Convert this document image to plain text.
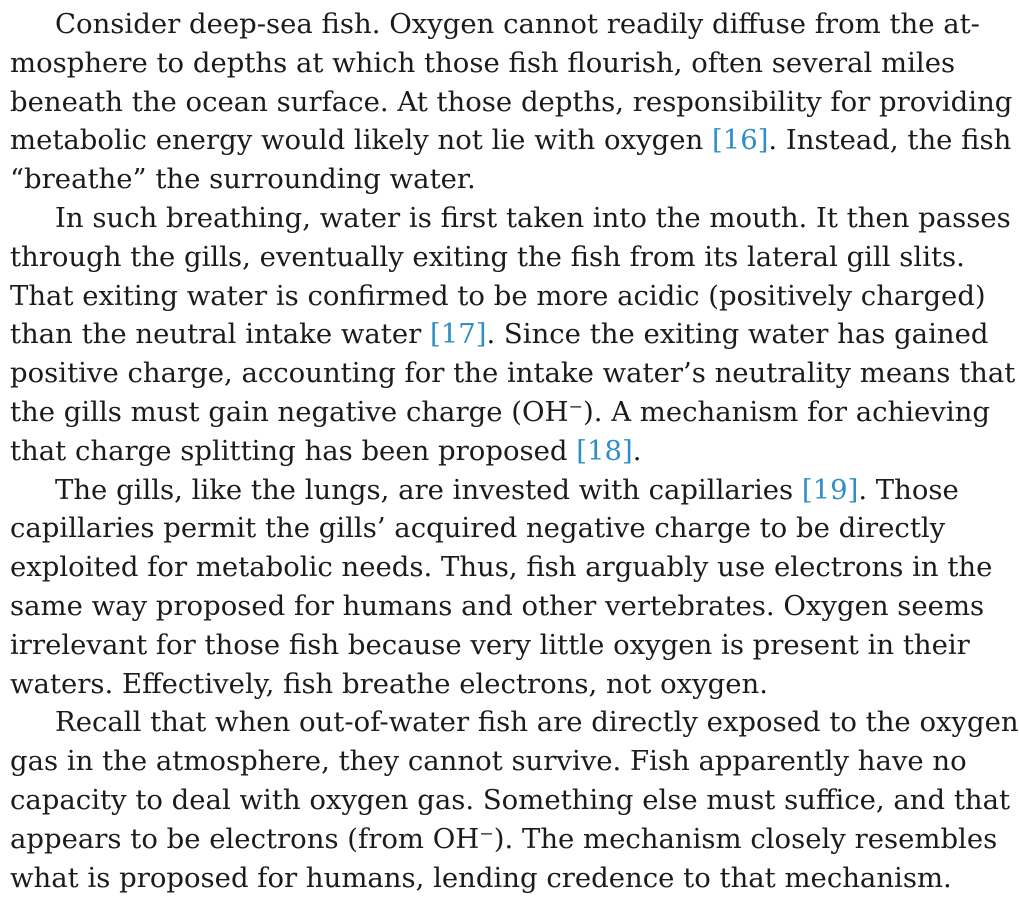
Consider deep-sea fish. Oxygen cannot readily diffuse from the at-
mosphere to depths at which those fish flourish, often several miles
beneath the ocean surface. At those depths, responsibility for providing
metabolic energy would likely not lie with oxygen [16]. Instead, the fish
“breathe” the surrounding water.
In such breathing, water is first taken into the mouth. It then passes
through the gills, eventually exiting the fish from its lateral gill slits.
That exiting water is confirmed to be more acidic (positively charged)
than the neutral intake water [17]. Since the exiting water has gained
positive charge, accounting for the intake water’s neutrality means that
the gills must gain negative charge (OH⁻). A mechanism for achieving
that charge splitting has been proposed [18].
The gills, like the lungs, are invested with capillaries [19]. Those
capillaries permit the gills’ acquired negative charge to be directly
exploited for metabolic needs. Thus, fish arguably use electrons in the
same way proposed for humans and other vertebrates. Oxygen seems
irrelevant for those fish because very little oxygen is present in their
waters. Effectively, fish breathe electrons, not oxygen.
Recall that when out-of-water fish are directly exposed to the oxygen
gas in the atmosphere, they cannot survive. Fish apparently have no
capacity to deal with oxygen gas. Something else must suffice, and that
appears to be electrons (from OH⁻). The mechanism closely resembles
what is proposed for humans, lending credence to that mechanism.
